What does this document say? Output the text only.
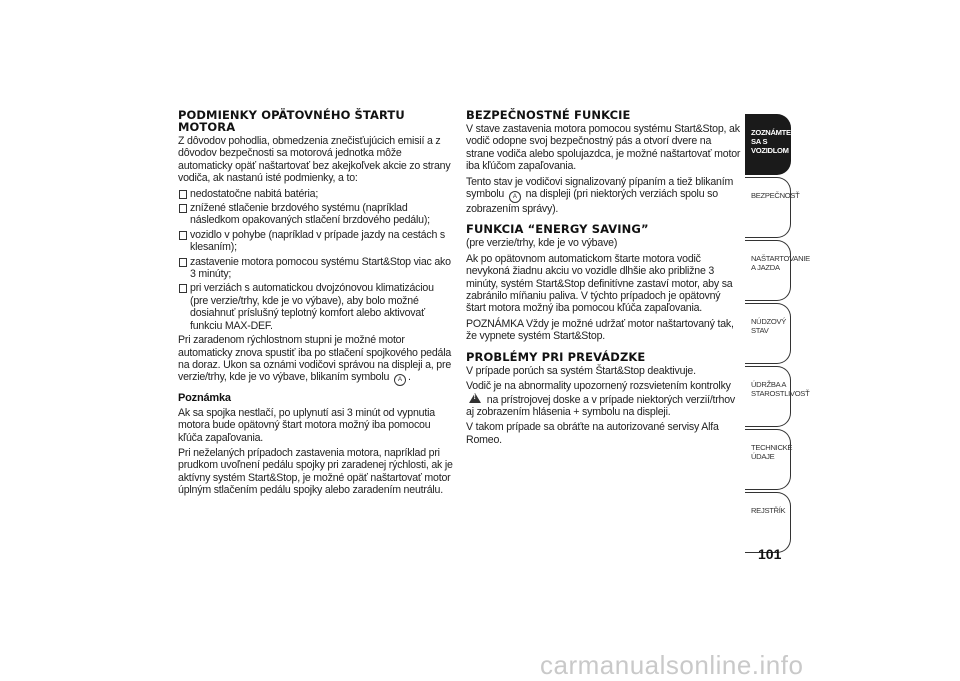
PODMIENKY OPÄTOVNÉHO ŠTARTU MOTORA

Z dôvodov pohodlia, obmedzenia znečisťujúcich emisií a z dôvodov bezpečnosti sa motorová jednotka môže automaticky opäť naštartovať bez akejkoľvek akcie zo strany vodiča, ak nastanú isté podmienky, a to:

nedostatočne nabitá batéria;
znížené stlačenie brzdového systému (napríklad následkom opakovaných stlačení brzdového pedálu);
vozidlo v pohybe (napríklad v prípade jazdy na cestách s klesaním);
zastavenie motora pomocou systému Start&Stop viac ako 3 minúty;
pri verziách s automatickou dvojzónovou klimatizáciou (pre verzie/trhy, kde je vo výbave), aby bolo možné dosiahnuť príslušný teplotný komfort alebo aktivovať funkciu MAX-DEF.

Pri zaradenom rýchlostnom stupni je možné motor automaticky znova spustiť iba po stlačení spojkového pedála na doraz. Ukon sa oznámi vodičovi správou na displeji a, pre verzie/trhy, kde je vo výbave, blikaním symbolu A .

Poznámka

Ak sa spojka nestlačí, po uplynutí asi 3 minút od vypnutia motora bude opätovný štart motora možný iba pomocou kľúča zapaľovania.

Pri neželaných prípadoch zastavenia motora, napríklad pri prudkom uvoľnení pedálu spojky pri zaradenej rýchlosti, ak je aktívny systém Start&Stop, je možné opäť naštartovať motor úplným stlačením pedálu spojky alebo zaradením neutrálu.

BEZPEČNOSTNÉ FUNKCIE

V stave zastavenia motora pomocou systému Start&Stop, ak vodič odopne svoj bezpečnostný pás a otvorí dvere na strane vodiča alebo spolujazdca, je možné naštartovať motor iba kľúčom zapaľovania.

Tento stav je vodičovi signalizovaný pípaním a tiež blikaním symbolu A na displeji (pri niektorých verziách spolu so zobrazením správy).

FUNKCIA “ENERGY SAVING”

(pre verzie/trhy, kde je vo výbave)

Ak po opätovnom automatickom štarte motora vodič nevykoná žiadnu akciu vo vozidle dlhšie ako približne 3 minúty, systém Start&Stop definitívne zastaví motor, aby sa zabránilo míňaniu paliva. V týchto prípadoch je opätovný štart motora možný iba pomocou kľúča zapaľovania.

POZNÁMKA Vždy je možné udržať motor naštartovaný tak, že vypnete systém Start&Stop.

PROBLÉMY PRI PREVÁDZKE

V prípade porúch sa systém Štart&Stop deaktivuje.

Vodič je na abnormality upozornený rozsvietením kontrolky ! na prístrojovej doske a v prípade niektorých verzií/trhov aj zobrazením hlásenia + symbolu na displeji.

V takom prípade sa obráťte na autorizované servisy Alfa Romeo.

ZOZNÁMTE SA S VOZIDLOM
BEZPEČNOSŤ
NAŠTARTOVANIE A JAZDA
NÚDZOVÝ STAV
ÚDRŽBA A STAROSTLIVOSŤ
TECHNICKÉ ÚDAJE
REJSTŘÍK
101
carmanualsonline.info
